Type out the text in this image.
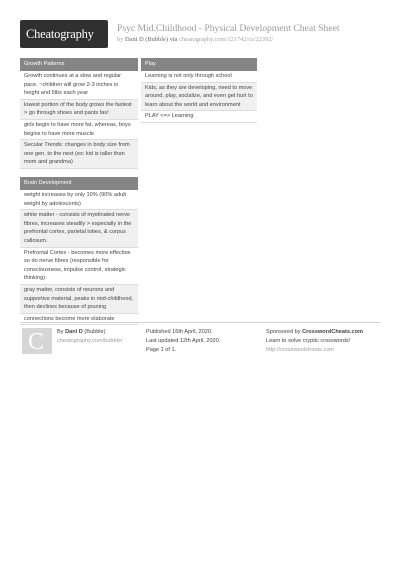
Cheatography Psyc Mid.Childhood - Physical Development Cheat Sheet
by Dani D (Bubble) via cheatography.com/121742/cs/22392/
Growth Patterns
Growth continues at a slow and regular pace. ~children will grow 2-3 inches in height and 5lbs each year
lowest portion of the body grows the fastest > go through shoes and pants fas!
girls begin to have more fat, whereas, boys begins to have more muscle
Secular Trends: changes in body size from one gen. to the next (ex: kid is taller than mom and grandma)
Brain Development
weight increases by only 10% (90% adult weight by adolescents)
white matter - consists of myelinated nerve fibres, increases steadily > especially in the prefrontal cortex, parietal lobes, & corpus callosum.
Prefrontal Cortex - becomes more effective so do nerve fibres (responsible for consciousness, impulse control, strategic thinking)
gray matter, consists of neurons and supportive material, peaks in mid-childhood, then declines because of pruning
connections become more elaborate
Play
Learning is not only through school
Kids, as they are developing, need to move around, play, socialize, and even get hurt to learn about the world and environment
PLAY <=> Learning
C By Dani D (Bubble)
cheatography.com/bubble/
Published 16th April, 2020.
Last updated 12th April, 2020.
Page 1 of 1.
Sponsored by CrosswordCheats.com
Learn to solve cryptic crosswords!
http://crosswordcheats.com
